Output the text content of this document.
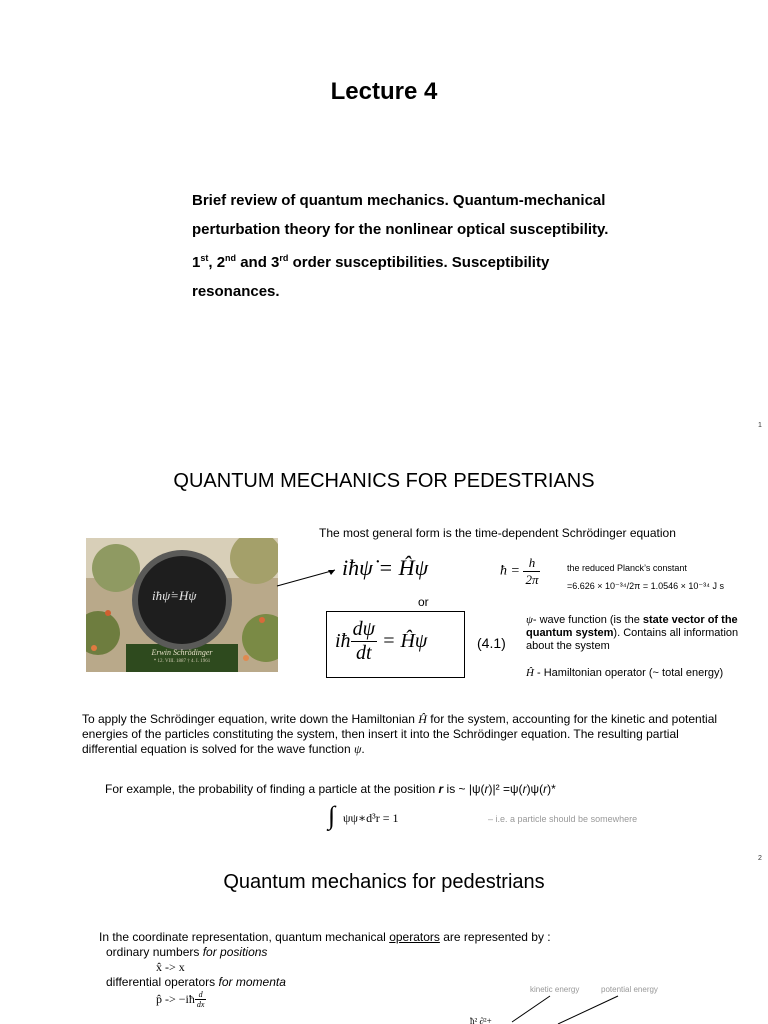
Lecture 4
Brief review of quantum mechanics. Quantum-mechanical
perturbation theory for the nonlinear optical susceptibility.
1st, 2nd and 3rd order susceptibilities. Susceptibility
resonances.
1
QUANTUM MECHANICS FOR PEDESTRIANS
The most general form is the time-dependent Schrödinger equation
iħψ̇=Hψ
Erwin Schrödinger
* 12. VIII. 1887 † 4. I. 1961
iħψ̇ = Ĥψ
or
iħ $\frac{d\psi}{dt}$ = Ĥψ	(4.1)
ħ = $\frac{h}{2\pi}$	the reduced Planck’s constant
=6.626 × 10⁻³⁴/2π = 1.0546 × 10⁻³⁴ J s
ψ- wave function (is the state vector of the quantum system). Contains all information about the system
Ĥ - Hamiltonian operator (~ total energy)
To apply the Schrödinger equation, write down the Hamiltonian Ĥ for the system, accounting for the kinetic and potential energies of the particles constituting the system, then insert it into the Schrödinger equation. The resulting partial differential equation is solved for the wave function ψ.
For example, the probability of finding a particle at the position r is ~ |ψ(r)|² =ψ(r)ψ(r)*
∫ ψψ∗d³r = 1	– i.e. a particle should be somewhere
2
Quantum mechanics for pedestrians
In the coordinate representation, quantum mechanical operators are represented by :
ordinary numbers for positions
x̂ -> x
differential operators for momenta
p̂ -> −iħ $\frac{d}{dx}$
kinetic energy	potential energy
ħ² ∂²+
